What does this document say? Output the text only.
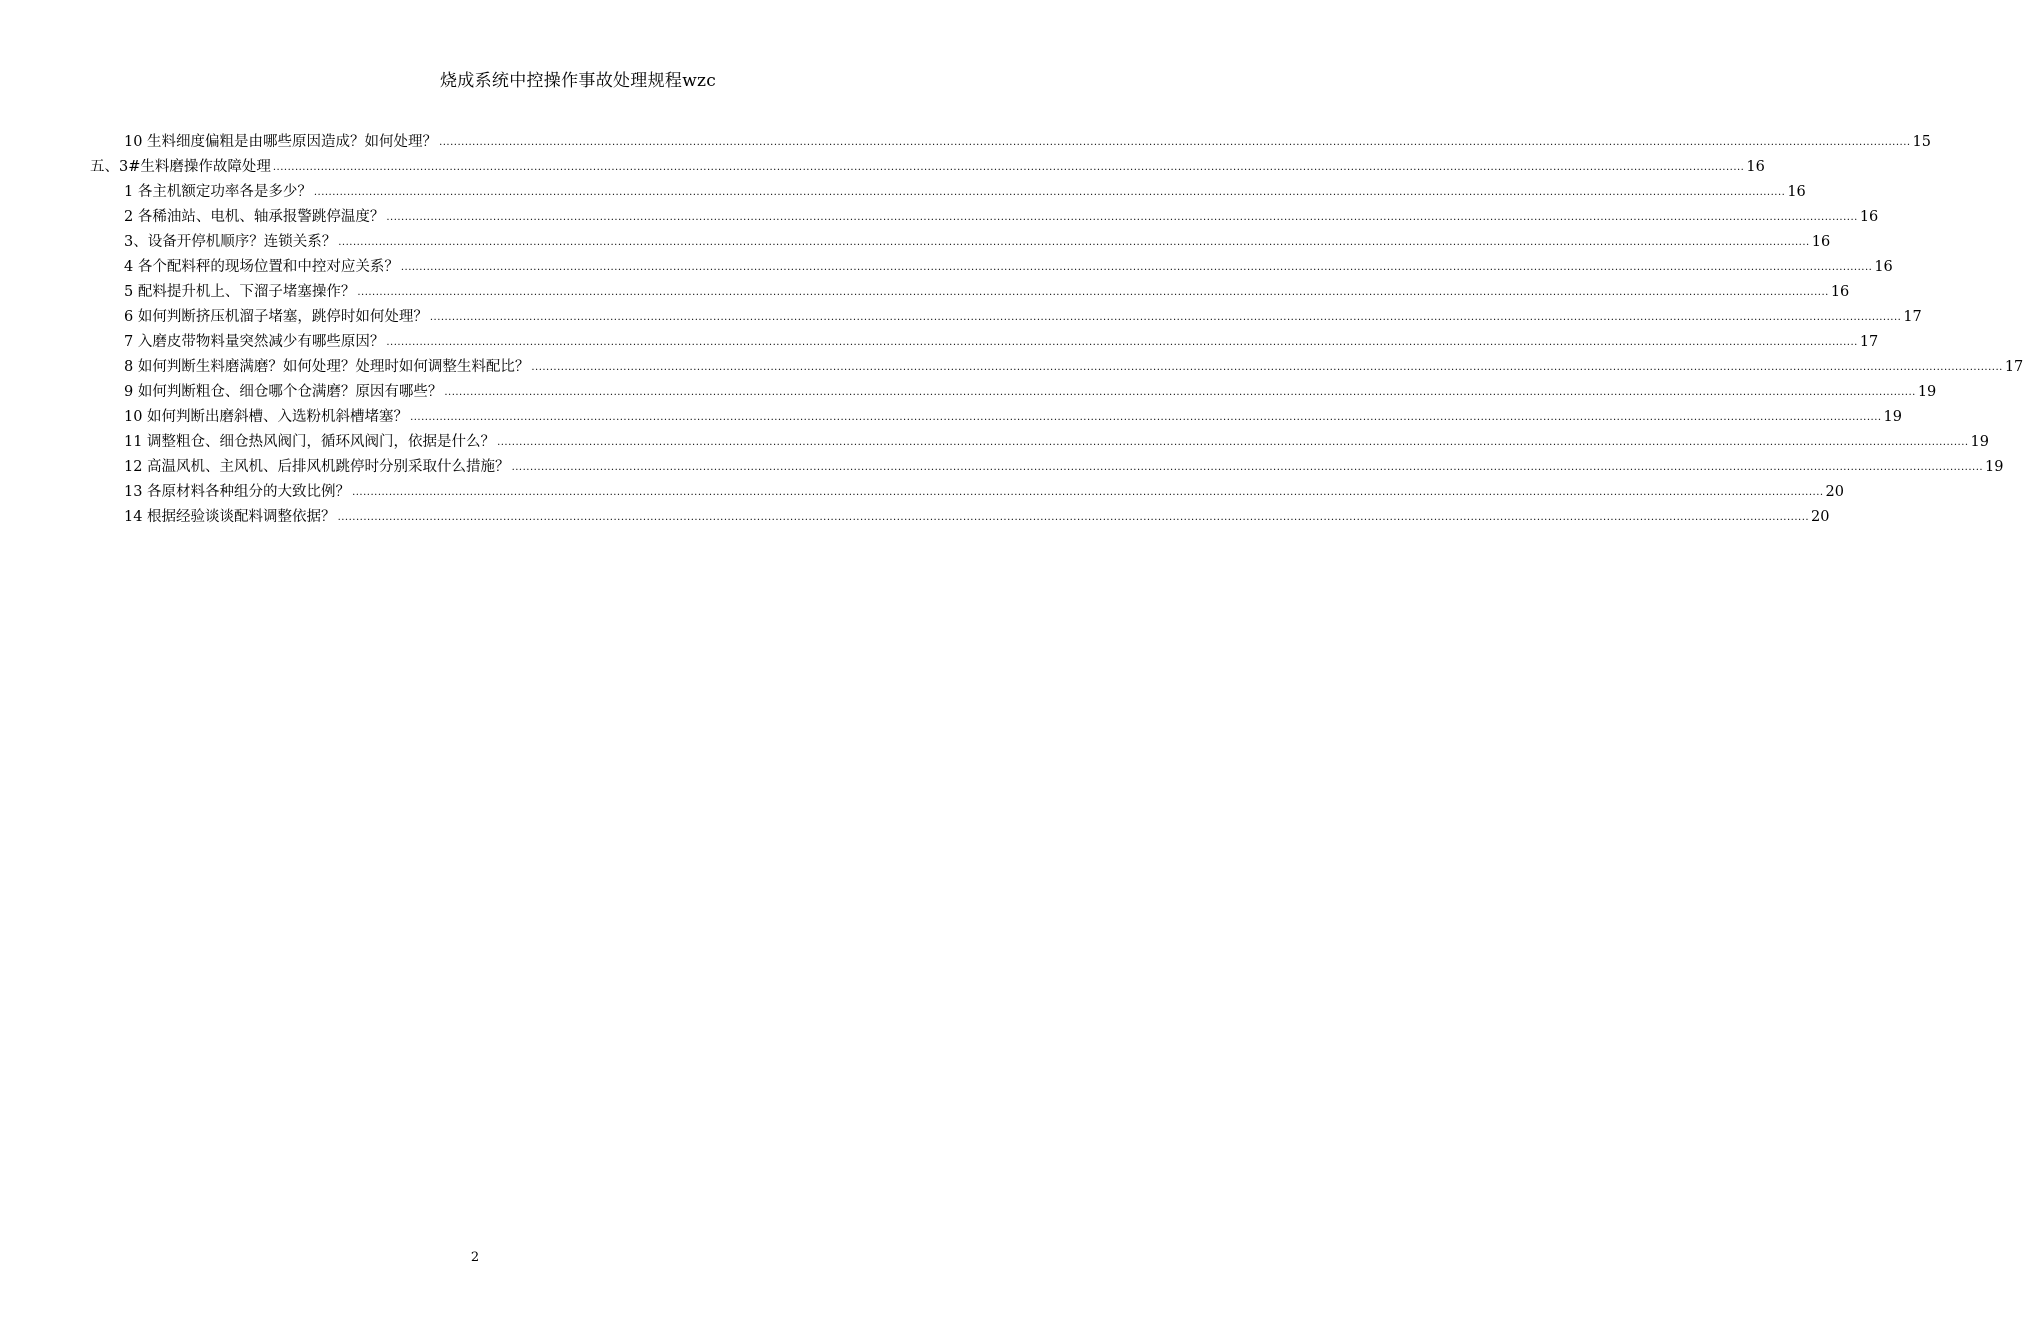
烧成系统中控操作事故处理规程wzc
10 生料细度偏粗是由哪些原因造成？如何处理？ ................................................................................................................................................................................................................................................................................................................................................................................................................ 15
五、3#生料磨操作故障处理 ................................................................................................................................................................................................................................................................................................................................................................................................................ 16
1 各主机额定功率各是多少？ ................................................................................................................................................................................................................................................................................................................................................................................................................ 16
2 各稀油站、电机、轴承报警跳停温度？ ................................................................................................................................................................................................................................................................................................................................................................................................................ 16
3、设备开停机顺序？连锁关系？ ................................................................................................................................................................................................................................................................................................................................................................................................................ 16
4 各个配料秤的现场位置和中控对应关系？ ................................................................................................................................................................................................................................................................................................................................................................................................................ 16
5 配料提升机上、下溜子堵塞操作？ ................................................................................................................................................................................................................................................................................................................................................................................................................ 16
6 如何判断挤压机溜子堵塞，跳停时如何处理？ ................................................................................................................................................................................................................................................................................................................................................................................................................ 17
7 入磨皮带物料量突然减少有哪些原因？ ................................................................................................................................................................................................................................................................................................................................................................................................................ 17
8 如何判断生料磨满磨？如何处理？处理时如何调整生料配比？ ................................................................................................................................................................................................................................................................................................................................................................................................................ 17
9 如何判断粗仓、细仓哪个仓满磨？原因有哪些？ ................................................................................................................................................................................................................................................................................................................................................................................................................ 19
10 如何判断出磨斜槽、入选粉机斜槽堵塞？ ................................................................................................................................................................................................................................................................................................................................................................................................................ 19
11 调整粗仓、细仓热风阀门，循环风阀门，依据是什么？ ................................................................................................................................................................................................................................................................................................................................................................................................................ 19
12 高温风机、主风机、后排风机跳停时分别采取什么措施？ ................................................................................................................................................................................................................................................................................................................................................................................................................ 19
13 各原材料各种组分的大致比例？ ................................................................................................................................................................................................................................................................................................................................................................................................................ 20
14 根据经验谈谈配料调整依据？ ................................................................................................................................................................................................................................................................................................................................................................................................................ 20
2
